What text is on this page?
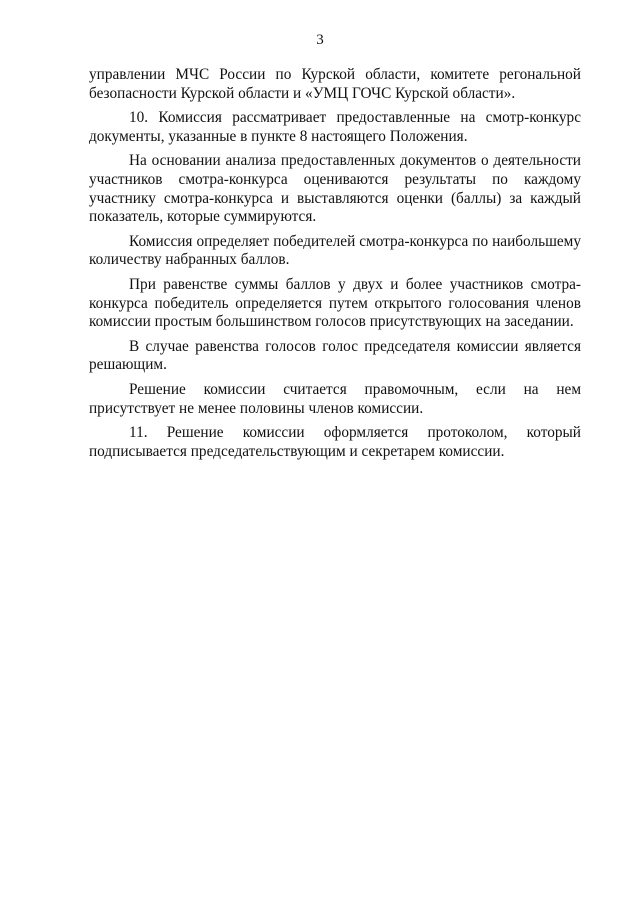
3

управлении МЧС России по Курской области, комитете регональной безопасности Курской области и «УМЦ ГОЧС Курской области».

10. Комиссия рассматривает предоставленные на смотр-конкурс документы, указанные в пункте 8 настоящего Положения.

На основании анализа предоставленных документов о деятельности участников смотра-конкурса оцениваются результаты по каждому участнику смотра-конкурса и выставляются оценки (баллы) за каждый показатель, которые суммируются.

Комиссия определяет победителей смотра-конкурса по наибольшему количеству набранных баллов.

При равенстве суммы баллов у двух и более участников смотра-конкурса победитель определяется путем открытого голосования членов комиссии простым большинством голосов присутствующих на заседании.

В случае равенства голосов голос председателя комиссии является решающим.

Решение комиссии считается правомочным, если на нем присутствует не менее половины членов комиссии.

11. Решение комиссии оформляется протоколом, который подписывается председательствующим и секретарем комиссии.
